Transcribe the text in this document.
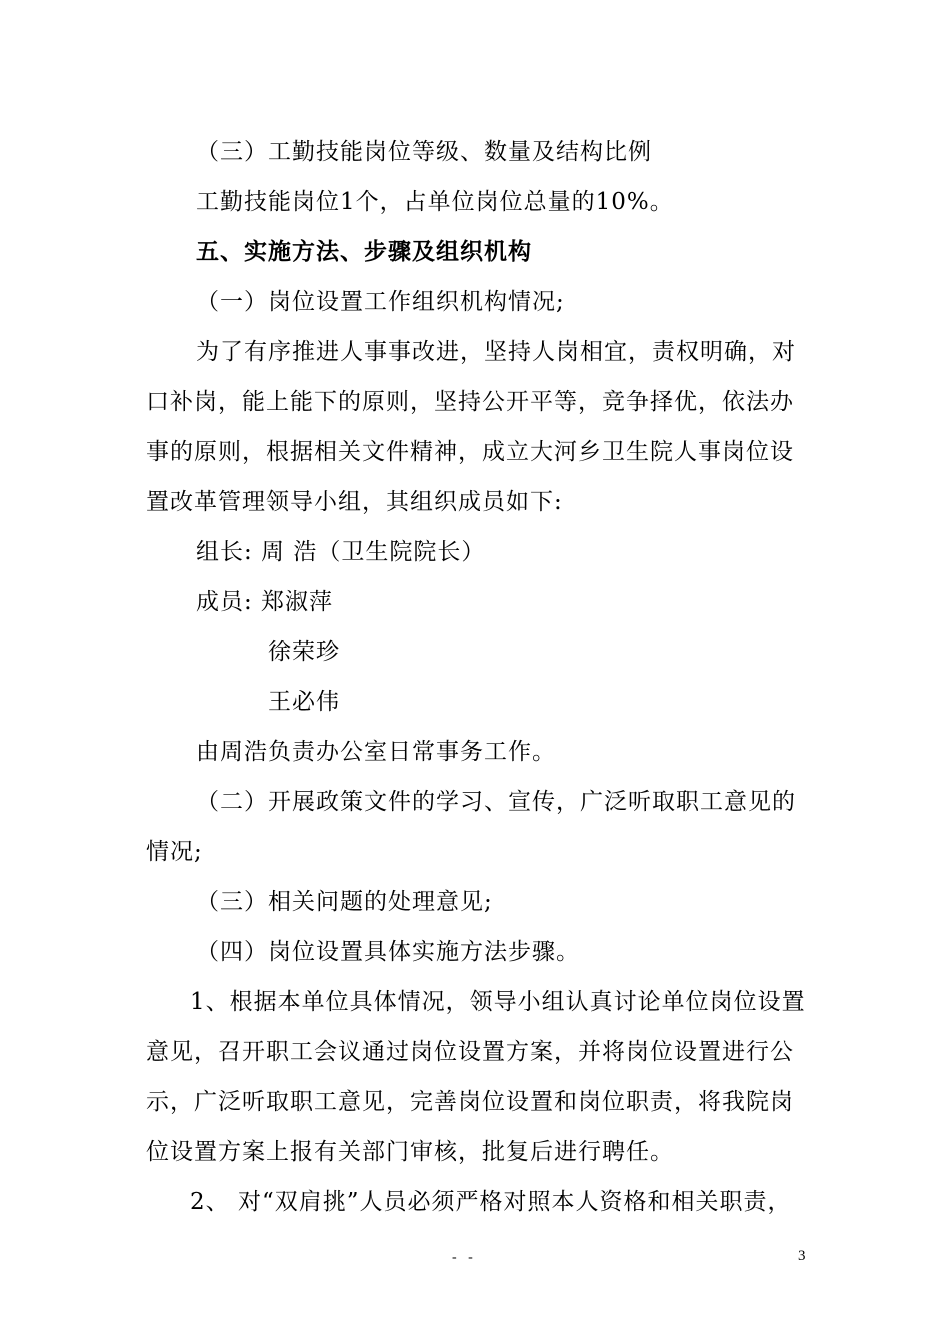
（三）工勤技能岗位等级、数量及结构比例
工勤技能岗位1个，占单位岗位总量的10%。
五、实施方法、步骤及组织机构
（一）岗位设置工作组织机构情况;
为了有序推进人事事改进，坚持人岗相宜，责权明确，对
口补岗，能上能下的原则，坚持公开平等，竞争择优，依法办
事的原则，根据相关文件精神，成立大河乡卫生院人事岗位设
置改革管理领导小组，其组织成员如下:
组长: 周 浩（卫生院院长）
成员: 郑淑萍
徐荣珍
王必伟
由周浩负责办公室日常事务工作。
（二）开展政策文件的学习、宣传，广泛听取职工意见的
情况;
（三）相关问题的处理意见;
（四）岗位设置具体实施方法步骤。
1、根据本单位具体情况，领导小组认真讨论单位岗位设置
意见，召开职工会议通过岗位设置方案，并将岗位设置进行公
示，广泛听取职工意见，完善岗位设置和岗位职责，将我院岗
位设置方案上报有关部门审核，批复后进行聘任。
2、 对“双肩挑”人员必须严格对照本人资格和相关职责，
- -	3
